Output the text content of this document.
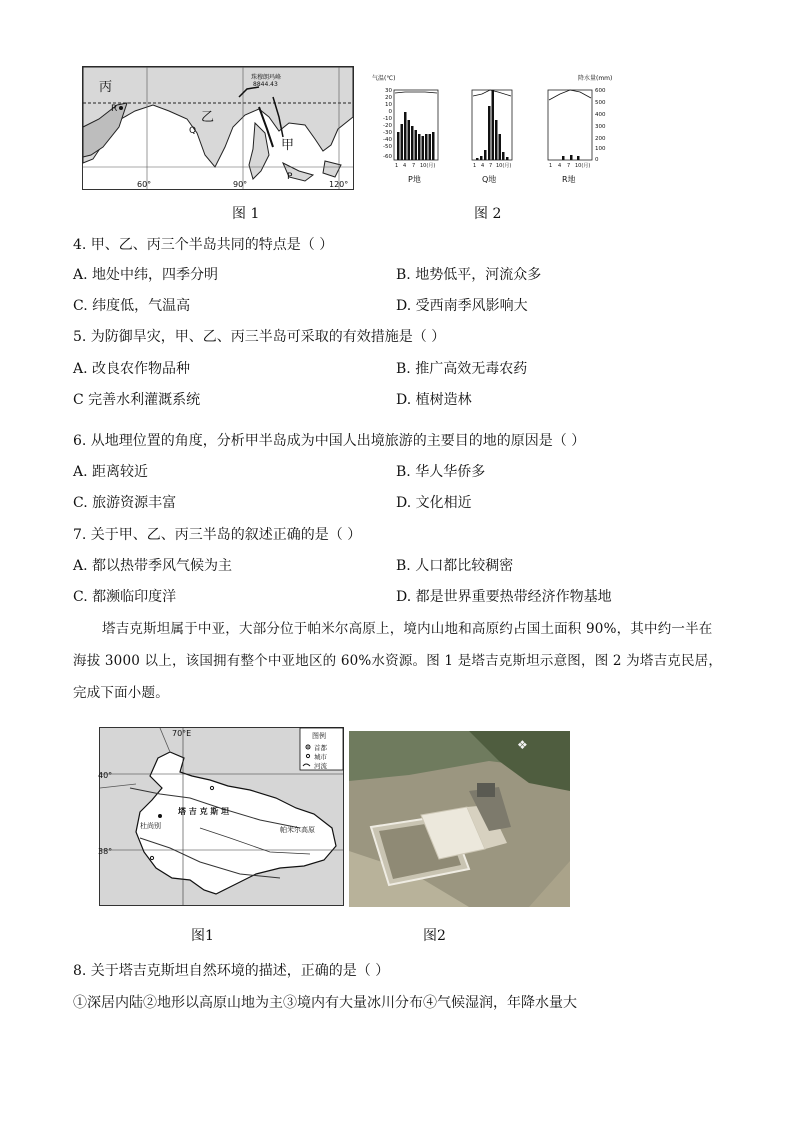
丙
R
乙
Q
甲
P
珠穆朗玛峰
8844.43
60°	90°	120°
图 1
气温(℃)
30
20
10
0
-10
-20
-30
-40
-50
-60
1 4 7 10(月)
P地
1 4 7 10(月)
Q地
降水量(mm)
600
500
400
300
200
100
0
1 4 7 10(月)
R地
图 2
4. 甲、乙、丙三个半岛共同的特点是（ ）
A. 地处中纬，四季分明	B. 地势低平，河流众多
C. 纬度低，气温高	D. 受西南季风影响大
5. 为防御旱灾，甲、乙、丙三半岛可采取的有效措施是（ ）
A. 改良农作物品种	B. 推广高效无毒农药
C 完善水利灌溉系统	D. 植树造林
6. 从地理位置的角度，分析甲半岛成为中国人出境旅游的主要目的地的原因是（ ）
A. 距离较近	B. 华人华侨多
C. 旅游资源丰富	D. 文化相近
7. 关于甲、乙、丙三半岛的叙述正确的是（ ）
A. 都以热带季风气候为主	B. 人口都比较稠密
C. 都濒临印度洋	D. 都是世界重要热带经济作物基地
塔吉克斯坦属于中亚，大部分位于帕米尔高原上，境内山地和高原约占国土面积 90%，其中约一半在
海拔 3000 以上，该国拥有整个中亚地区的 60%水资源。图 1 是塔吉克斯坦示意图，图 2 为塔吉克民居，
完成下面小题。
70°E
40°
38°
塔 吉 克 斯 坦
杜尚别	帕米尔高原
图例
首都
城市
河流
图1
❖
图2
8. 关于塔吉克斯坦自然环境的描述，正确的是（ ）
①深居内陆②地形以高原山地为主③境内有大量冰川分布④气候湿润，年降水量大
